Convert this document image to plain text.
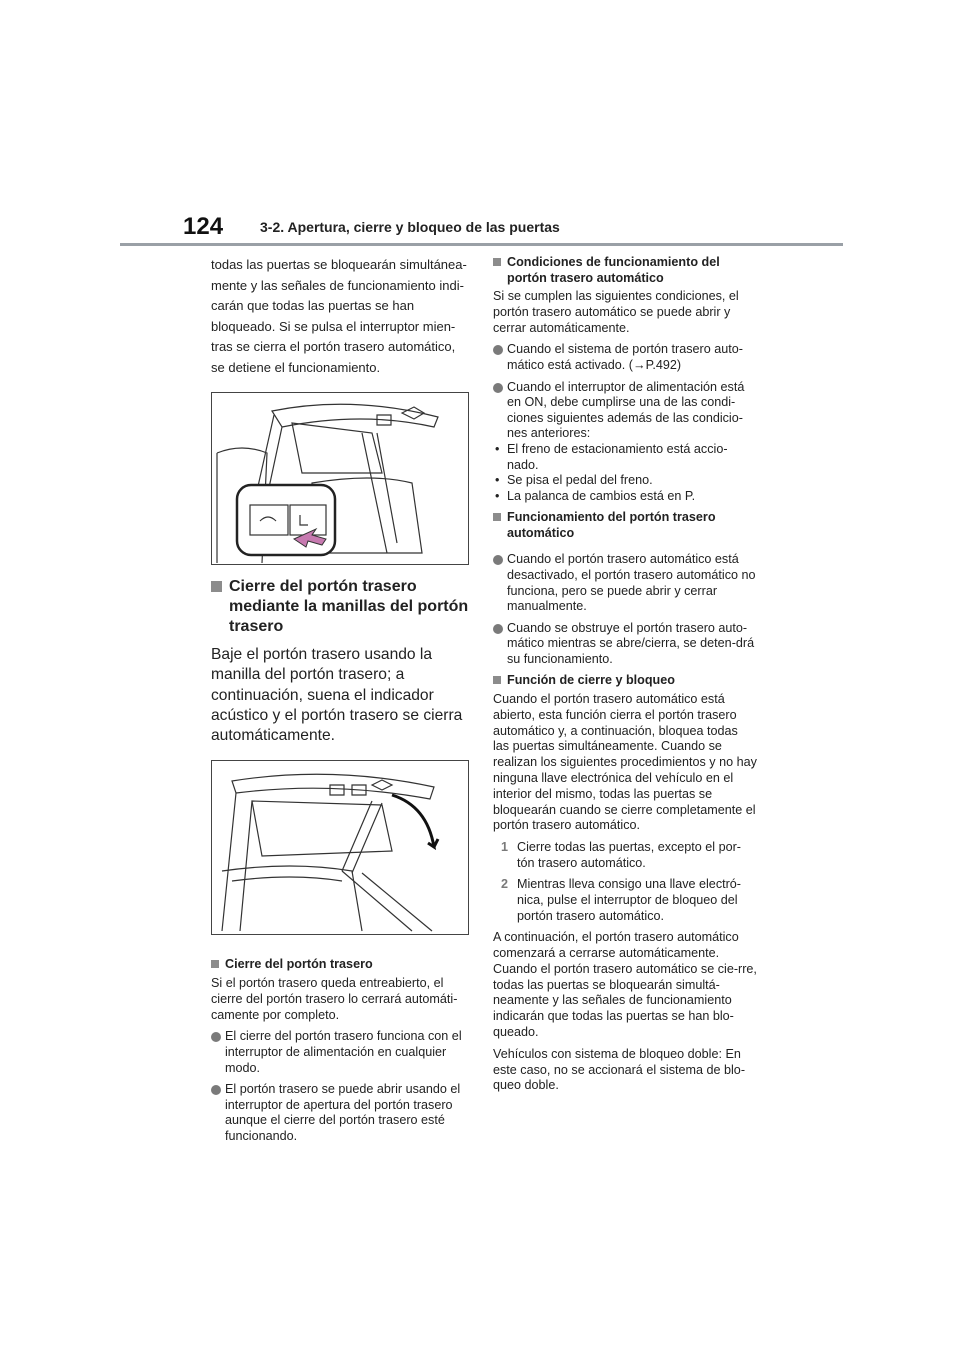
124	3-2. Apertura, cierre y bloqueo de las puertas

todas las puertas se bloquearán simultánea-mente y las señales de funcionamiento indi-carán que todas las puertas se han bloqueado. Si se pulsa el interruptor mien-tras se cierra el portón trasero automático, se detiene el funcionamiento.

Cierre del portón trasero mediante la manillas del portón trasero

Baje el portón trasero usando la manilla del portón trasero; a continuación, suena el indicador acústico y el portón trasero se cierra automáticamente.

Cierre del portón trasero

Si el portón trasero queda entreabierto, el cierre del portón trasero lo cerrará automáti-camente por completo.

El cierre del portón trasero funciona con el interruptor de alimentación en cualquier modo.
El portón trasero se puede abrir usando el interruptor de apertura del portón trasero aunque el cierre del portón trasero esté funcionando.
Condiciones de funcionamiento del portón trasero automático

Si se cumplen las siguientes condiciones, el portón trasero automático se puede abrir y cerrar automáticamente.

Cuando el sistema de portón trasero auto-mático está activado. (→P.492)
Cuando el interruptor de alimentación está en ON, debe cumplirse una de las condi-ciones siguientes además de las condicio-nes anteriores:
• El freno de estacionamiento está accio-nado.
• Se pisa el pedal del freno.
• La palanca de cambios está en P.
Funcionamiento del portón trasero automático
Cuando el portón trasero automático está desactivado, el portón trasero automático no funciona, pero se puede abrir y cerrar manualmente.
Cuando se obstruye el portón trasero auto-mático mientras se abre/cierra, se deten-drá su funcionamiento.
Función de cierre y bloqueo

Cuando el portón trasero automático está abierto, esta función cierra el portón trasero automático y, a continuación, bloquea todas las puertas simultáneamente. Cuando se realizan los siguientes procedimientos y no hay ninguna llave electrónica del vehículo en el interior del mismo, todas las puertas se bloquearán cuando se cierre completamente el portón trasero automático.

1 Cierre todas las puertas, excepto el por-tón trasero automático.
2 Mientras lleva consigo una llave electró-nica, pulse el interruptor de bloqueo del portón trasero automático.

A continuación, el portón trasero automático comenzará a cerrarse automáticamente. Cuando el portón trasero automático se cie-rre, todas las puertas se bloquearán simultá-neamente y las señales de funcionamiento indicarán que todas las puertas se han blo-queado.

Vehículos con sistema de bloqueo doble: En este caso, no se accionará el sistema de blo-queo doble.
